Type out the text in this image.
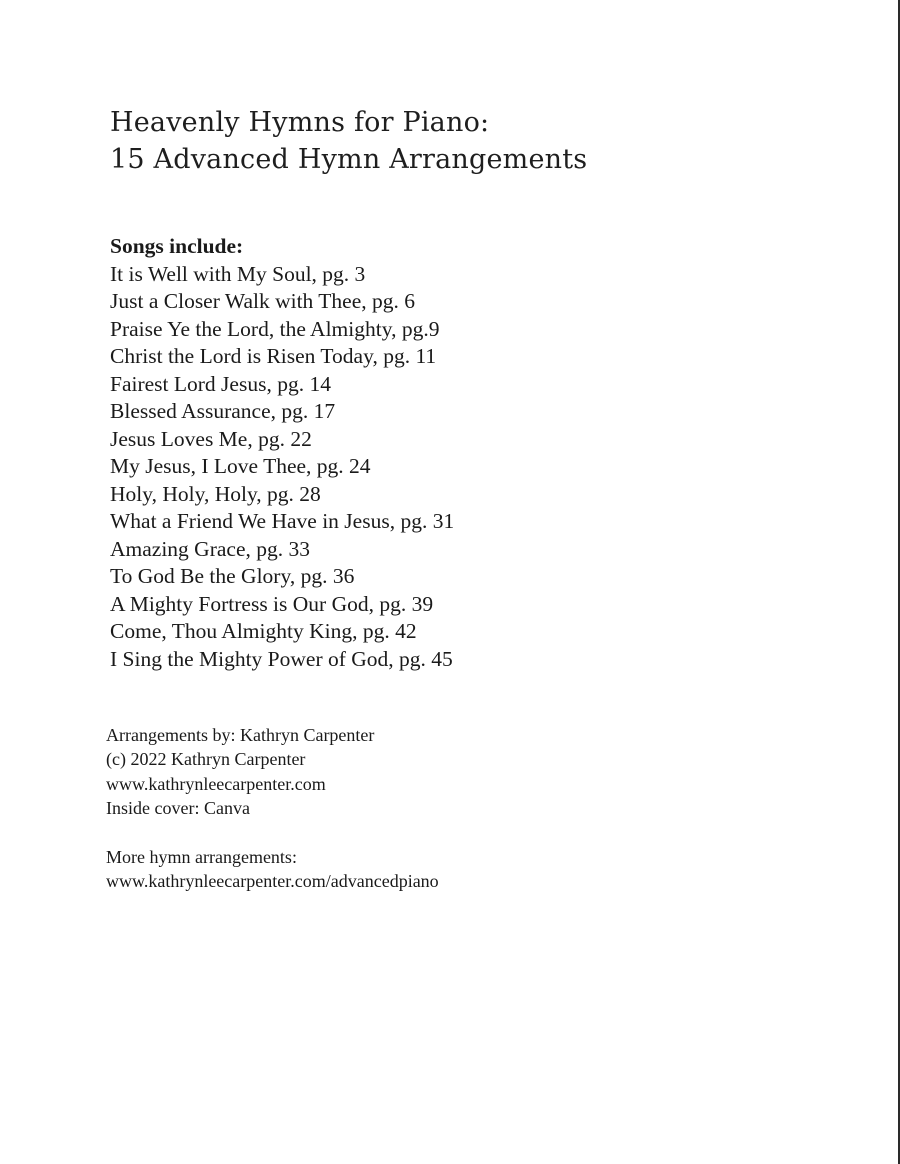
Heavenly Hymns for Piano:
15 Advanced Hymn Arrangements
Songs include:
It is Well with My Soul, pg. 3
Just a Closer Walk with Thee, pg. 6
Praise Ye the Lord, the Almighty, pg.9
Christ the Lord is Risen Today, pg. 11
Fairest Lord Jesus, pg. 14
Blessed Assurance, pg. 17
Jesus Loves Me, pg. 22
My Jesus, I Love Thee, pg. 24
Holy, Holy, Holy, pg. 28
What a Friend We Have in Jesus, pg. 31
Amazing Grace, pg. 33
To God Be the Glory, pg. 36
A Mighty Fortress is Our God, pg. 39
Come, Thou Almighty King, pg. 42
I Sing the Mighty Power of God, pg. 45
Arrangements by: Kathryn Carpenter
(c) 2022 Kathryn Carpenter
www.kathrynleecarpenter.com
Inside cover: Canva
More hymn arrangements:
www.kathrynleecarpenter.com/advancedpiano
